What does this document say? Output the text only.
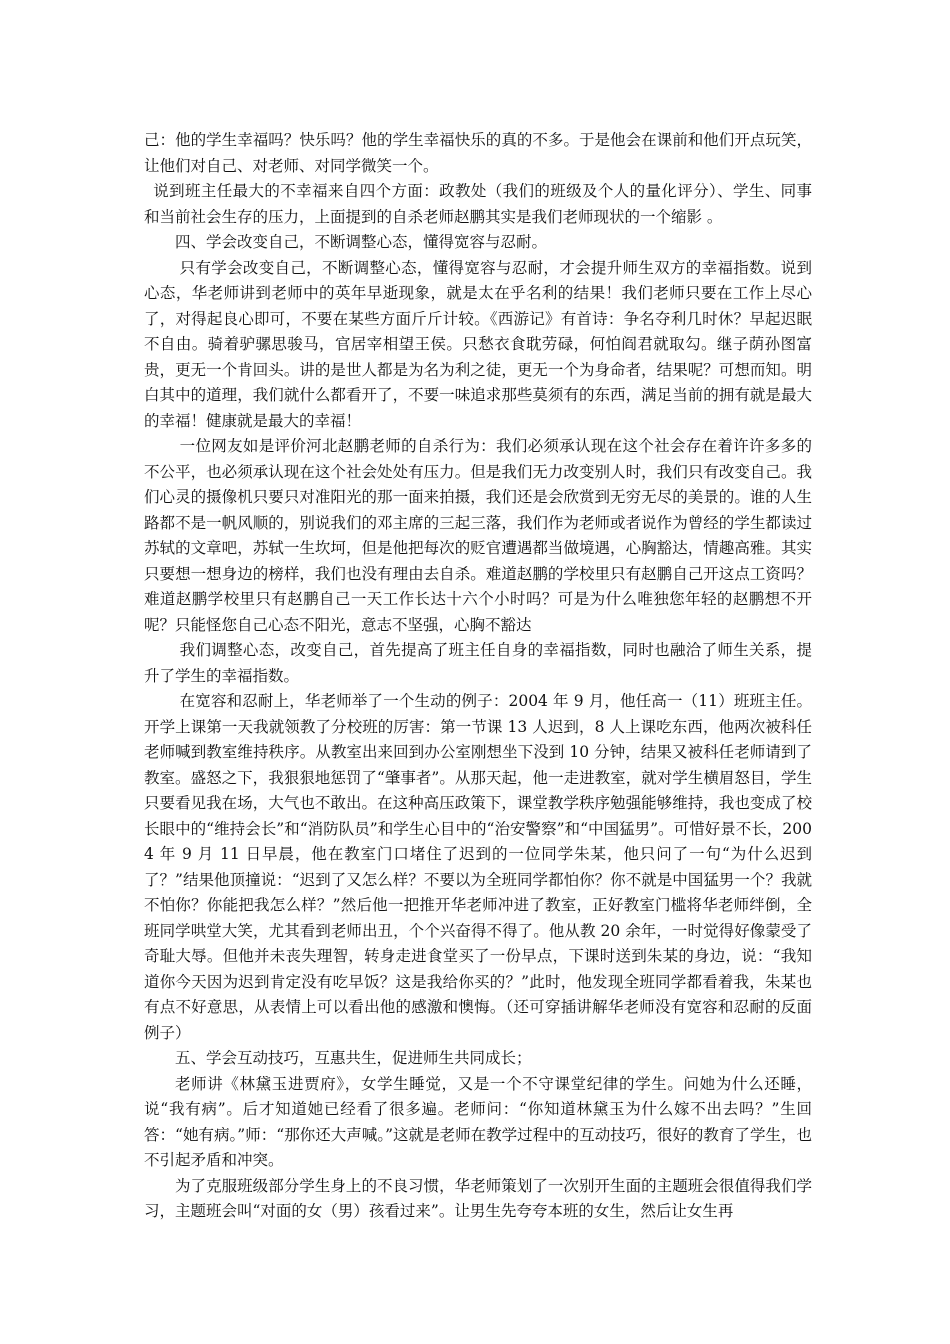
己：他的学生幸福吗？快乐吗？他的学生幸福快乐的真的不多。于是他会在课前和他们开点玩笑，让他们对自己、对老师、对同学微笑一个。

说到班主任最大的不幸福来自四个方面：政教处（我们的班级及个人的量化评分）、学生、同事和当前社会生存的压力，上面提到的自杀老师赵鹏其实是我们老师现状的一个缩影 。

四、学会改变自己，不断调整心态，懂得宽容与忍耐。

只有学会改变自己，不断调整心态，懂得宽容与忍耐，才会提升师生双方的幸福指数。说到心态，华老师讲到老师中的英年早逝现象，就是太在乎名利的结果！我们老师只要在工作上尽心了，对得起良心即可，不要在某些方面斤斤计较。《西游记》有首诗：争名夺利几时休？早起迟眠不自由。骑着驴骡思骏马，官居宰相望王侯。只愁衣食耽劳碌，何怕阎君就取勾。继子荫孙图富贵，更无一个肯回头。讲的是世人都是为名为利之徒，更无一个为身命者，结果呢？可想而知。明白其中的道理，我们就什么都看开了，不要一味追求那些莫须有的东西，满足当前的拥有就是最大的幸福！健康就是最大的幸福！

一位网友如是评价河北赵鹏老师的自杀行为：我们必须承认现在这个社会存在着许许多多的不公平，也必须承认现在这个社会处处有压力。但是我们无力改变别人时，我们只有改变自己。我们心灵的摄像机只要只对准阳光的那一面来拍摄，我们还是会欣赏到无穷无尽的美景的。谁的人生路都不是一帆风顺的，别说我们的邓主席的三起三落，我们作为老师或者说作为曾经的学生都读过苏轼的文章吧，苏轼一生坎坷，但是他把每次的贬官遭遇都当做境遇，心胸豁达，情趣高雅。其实只要想一想身边的榜样，我们也没有理由去自杀。难道赵鹏的学校里只有赵鹏自己开这点工资吗？难道赵鹏学校里只有赵鹏自己一天工作长达十六个小时吗？可是为什么唯独您年轻的赵鹏想不开呢？只能怪您自己心态不阳光，意志不坚强，心胸不豁达

我们调整心态，改变自己，首先提高了班主任自身的幸福指数，同时也融洽了师生关系，提升了学生的幸福指数。

在宽容和忍耐上，华老师举了一个生动的例子：2004 年 9 月，他任高一（11）班班主任。开学上课第一天我就领教了分校班的厉害：第一节课 13 人迟到，8 人上课吃东西，他两次被科任老师喊到教室维持秩序。从教室出来回到办公室刚想坐下没到 10 分钟，结果又被科任老师请到了教室。盛怒之下，我狠狠地惩罚了“肇事者”。从那天起，他一走进教室，就对学生横眉怒目，学生只要看见我在场，大气也不敢出。在这种高压政策下，课堂教学秩序勉强能够维持，我也变成了校长眼中的“维持会长”和“消防队员”和学生心目中的“治安警察”和“中国猛男”。可惜好景不长，2004 年 9 月 11 日早晨，他在教室门口堵住了迟到的一位同学朱某，他只问了一句“为什么迟到了？”结果他顶撞说：“迟到了又怎么样？不要以为全班同学都怕你？你不就是中国猛男一个？我就不怕你？你能把我怎么样？”然后他一把推开华老师冲进了教室，正好教室门槛将华老师绊倒，全班同学哄堂大笑，尤其看到老师出丑，个个兴奋得不得了。他从教 20 余年，一时觉得好像蒙受了奇耻大辱。但他并未丧失理智，转身走进食堂买了一份早点，下课时送到朱某的身边，说：“我知道你今天因为迟到肯定没有吃早饭？这是我给你买的？”此时，他发现全班同学都看着我，朱某也有点不好意思，从表情上可以看出他的感激和懊悔。（还可穿插讲解华老师没有宽容和忍耐的反面例子）

五、学会互动技巧，互惠共生，促进师生共同成长；

老师讲《林黛玉进贾府》，女学生睡觉，又是一个不守课堂纪律的学生。问她为什么还睡，说“我有病”。后才知道她已经看了很多遍。老师问：“你知道林黛玉为什么嫁不出去吗？”生回答：“她有病。”师：“那你还大声喊。”这就是老师在教学过程中的互动技巧，很好的教育了学生，也不引起矛盾和冲突。

为了克服班级部分学生身上的不良习惯，华老师策划了一次别开生面的主题班会很值得我们学习，主题班会叫“对面的女（男）孩看过来”。让男生先夸夸本班的女生，然后让女生再
